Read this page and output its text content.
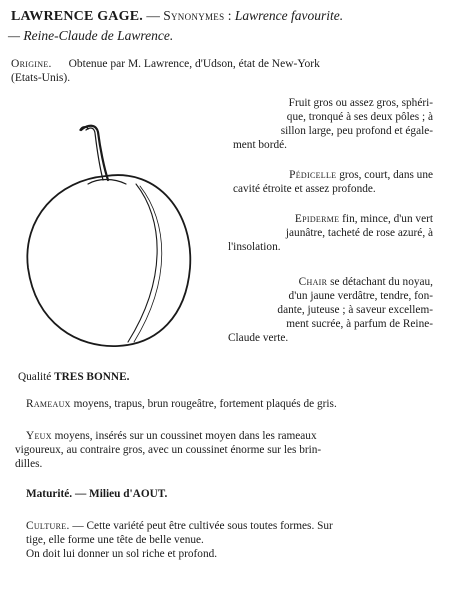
LAWRENCE GAGE. — Synonymes : Lawrence favourite.
— Reine-Claude de Lawrence.
Origine. Obtenue par M. Lawrence, d'Udson, état de New-York
(Etats-Unis).
Fruit gros ou assez gros, sphéri-
que, tronqué à ses deux pôles ; à
sillon large, peu profond et égale-
ment bordé.
Pédicelle gros, court, dans une
cavité étroite et assez profonde.
Epiderme fin, mince, d'un vert
jaunâtre, tacheté de rose azuré, à
l'insolation.
Chair se détachant du noyau,
d'un jaune verdâtre, tendre, fon-
dante, juteuse ; à saveur excellem-
ment sucrée, à parfum de Reine-
Claude verte.
Qualité TRES BONNE.
Rameaux moyens, trapus, brun rougeâtre, fortement plaqués de gris.
Yeux moyens, insérés sur un coussinet moyen dans les rameaux
vigoureux, au contraire gros, avec un coussinet énorme sur les brin-
dilles.
Maturité. — Milieu d'AOUT.
Culture. — Cette variété peut être cultivée sous toutes formes. Sur
tige, elle forme une tête de belle venue.
On doit lui donner un sol riche et profond.
